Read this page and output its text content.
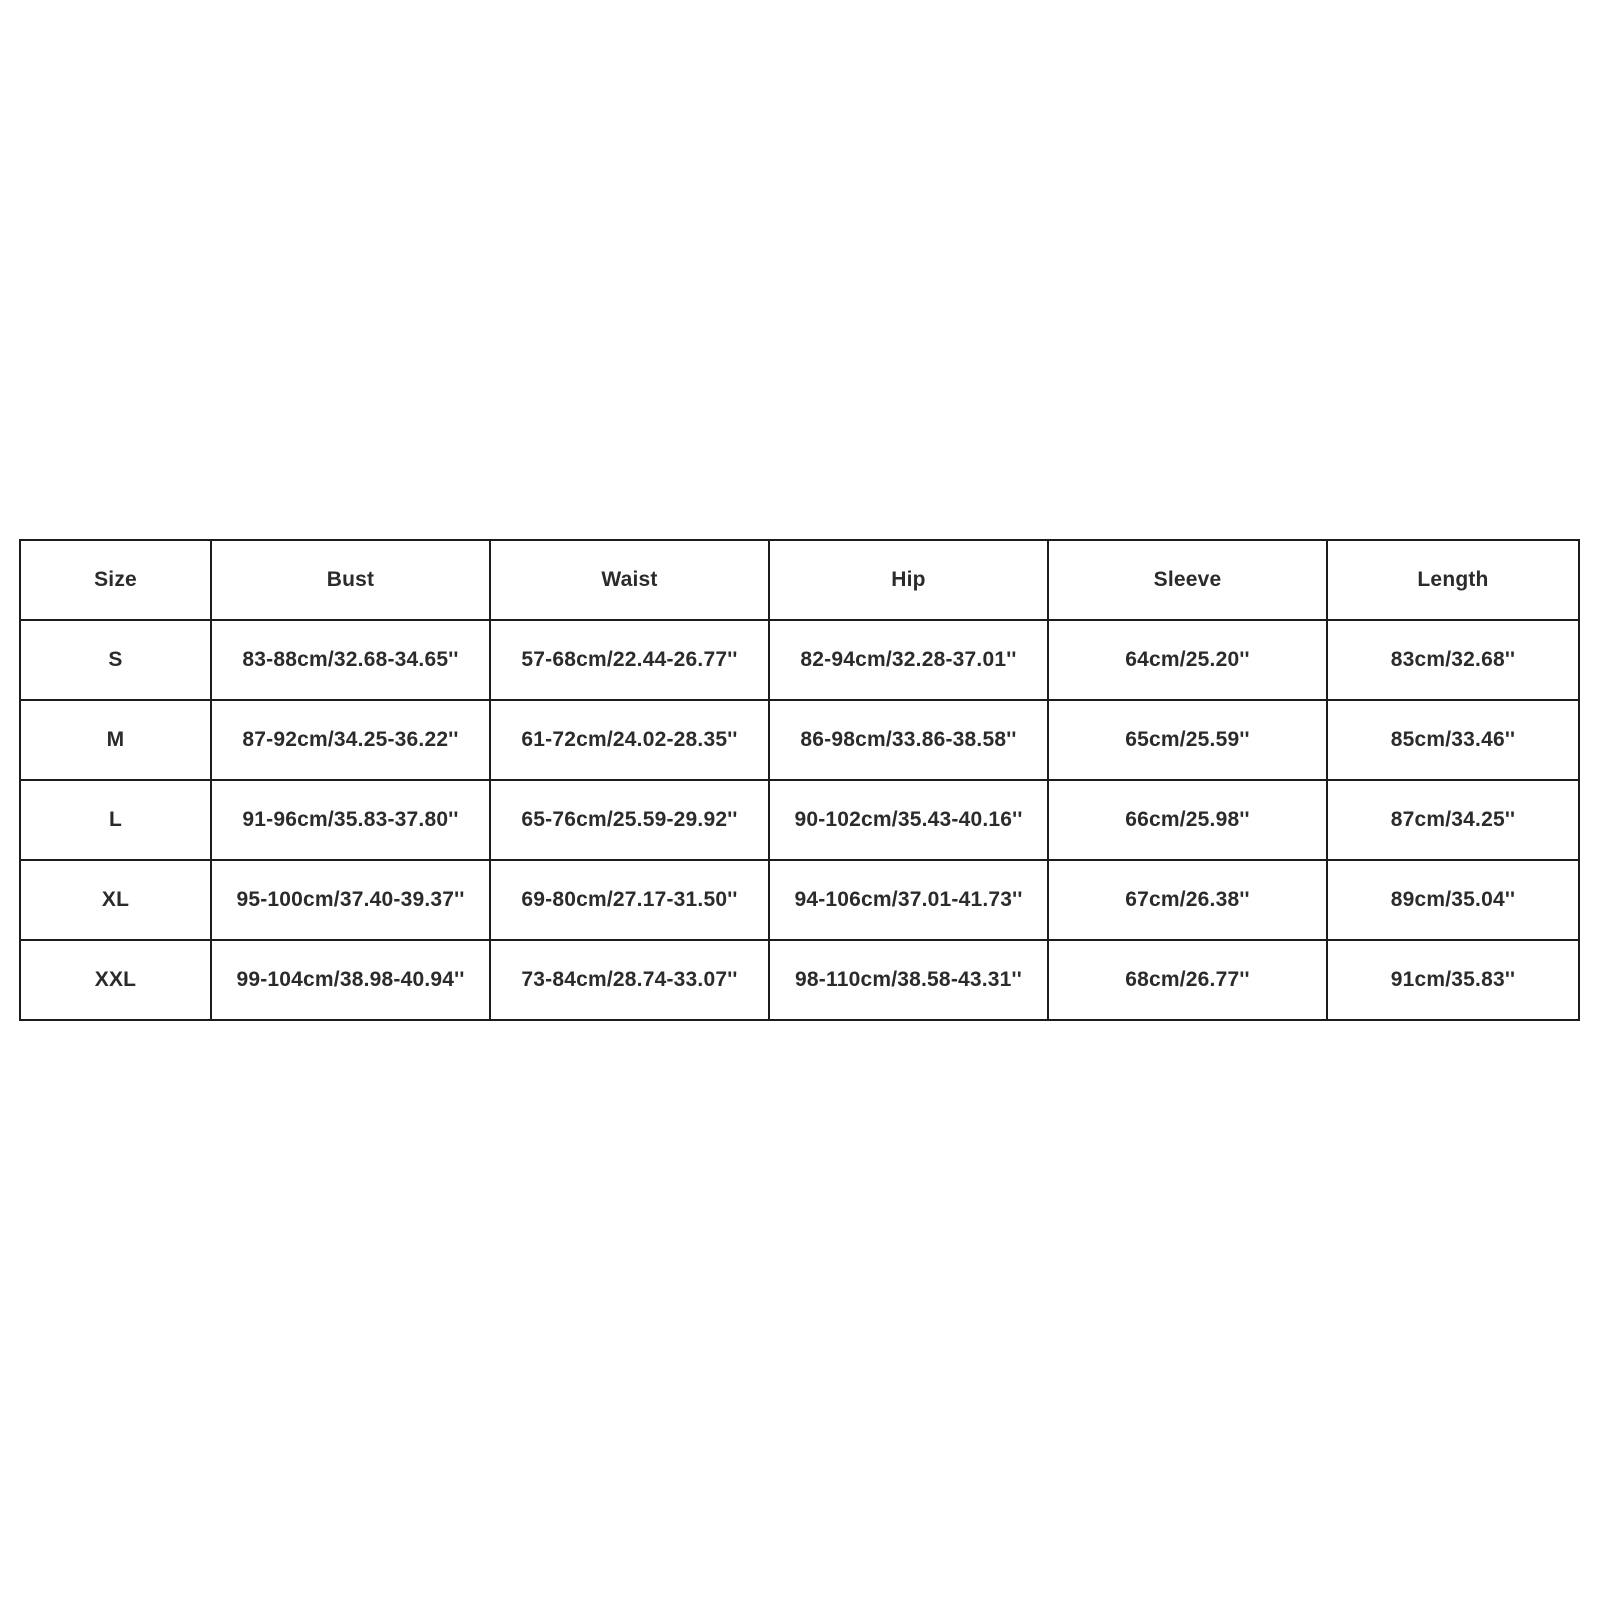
Size	Bust	Waist	Hip	Sleeve	Length
S	83-88cm/32.68-34.65''	57-68cm/22.44-26.77''	82-94cm/32.28-37.01''	64cm/25.20''	83cm/32.68''
M	87-92cm/34.25-36.22''	61-72cm/24.02-28.35''	86-98cm/33.86-38.58''	65cm/25.59''	85cm/33.46''
L	91-96cm/35.83-37.80''	65-76cm/25.59-29.92''	90-102cm/35.43-40.16''	66cm/25.98''	87cm/34.25''
XL	95-100cm/37.40-39.37''	69-80cm/27.17-31.50''	94-106cm/37.01-41.73''	67cm/26.38''	89cm/35.04''
XXL	99-104cm/38.98-40.94''	73-84cm/28.74-33.07''	98-110cm/38.58-43.31''	68cm/26.77''	91cm/35.83''
